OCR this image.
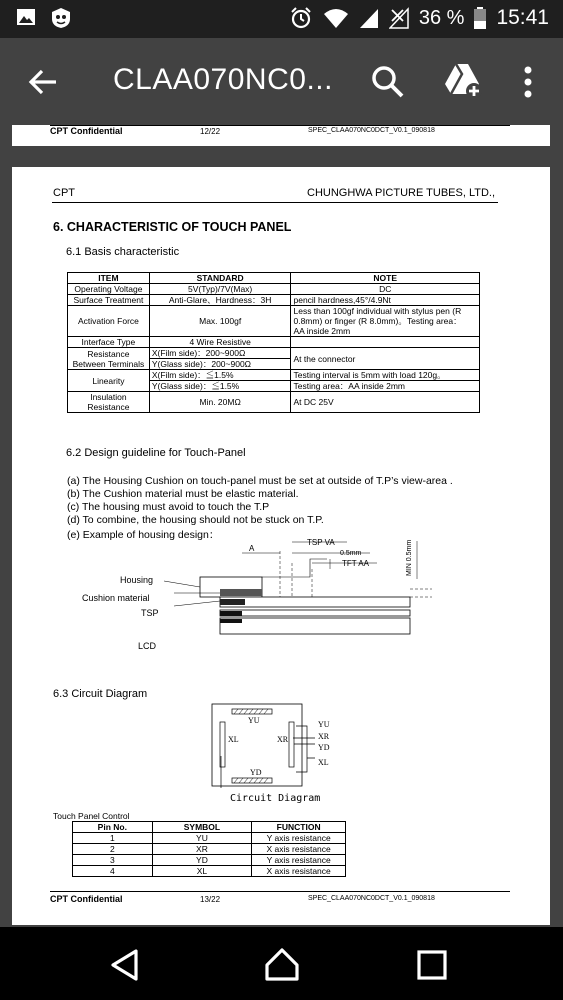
36 % 15:41
CLAA070NC0...
CPT Confidential	12/22	SPEC_CLAA070NC0DCT_V0.1_090818
CPT	CHUNGHWA PICTURE TUBES, LTD.,
6. CHARACTERISTIC OF TOUCH PANEL
6.1 Basis characteristic
ITEM	STANDARD	NOTE
Operating Voltage	5V(Typ)/7V(Max)	DC
Surface Treatment	Anti-Glare、Hardness：3H	pencil hardness,45°/4.9Nt
Activation Force	Max. 100gf	Less than 100gf individual with stylus pen (R
0.8mm) or finger (R 8.0mm)。Testing area：
AA inside 2mm

Interface Type	4 Wire Resistive	

Resistance
Between Terminals	X(Film side)：200~900Ω	At the connector
	Y(Glass side)：200~900Ω	
Linearity	X(Film side)：≦1.5%	Testing interval is 5mm with load 120g。
	Y(Glass side)：≦1.5%	Testing area：AA inside 2mm

Insulation
Resistance	Min. 20MΩ	At DC 25V
6.2 Design guideline for Touch-Panel
(a) The Housing Cushion on touch-panel must be set at outside of T.P’s view-area .
(b) The Cushion material must be elastic material.
(c) The housing must avoid to touch the T.P
(d) To combine, the housing should not be stuck on T.P.
(e) Example of housing design：
A
TSP VA
0.5mm
TFT AA	MIN 0.5mm
Housing
Cushion material
TSP
LCD
6.3 Circuit Diagram
YU
XL	XR
YD
YU
XR
YD
XL
Circuit Diagram
Touch Panel Control
Pin No.	SYMBOL	FUNCTION
1	YU	Y axis resistance
2	XR	X axis resistance
3	YD	Y axis resistance
4	XL	X axis resistance
CPT Confidential	13/22	SPEC_CLAA070NC0DCT_V0.1_090818
